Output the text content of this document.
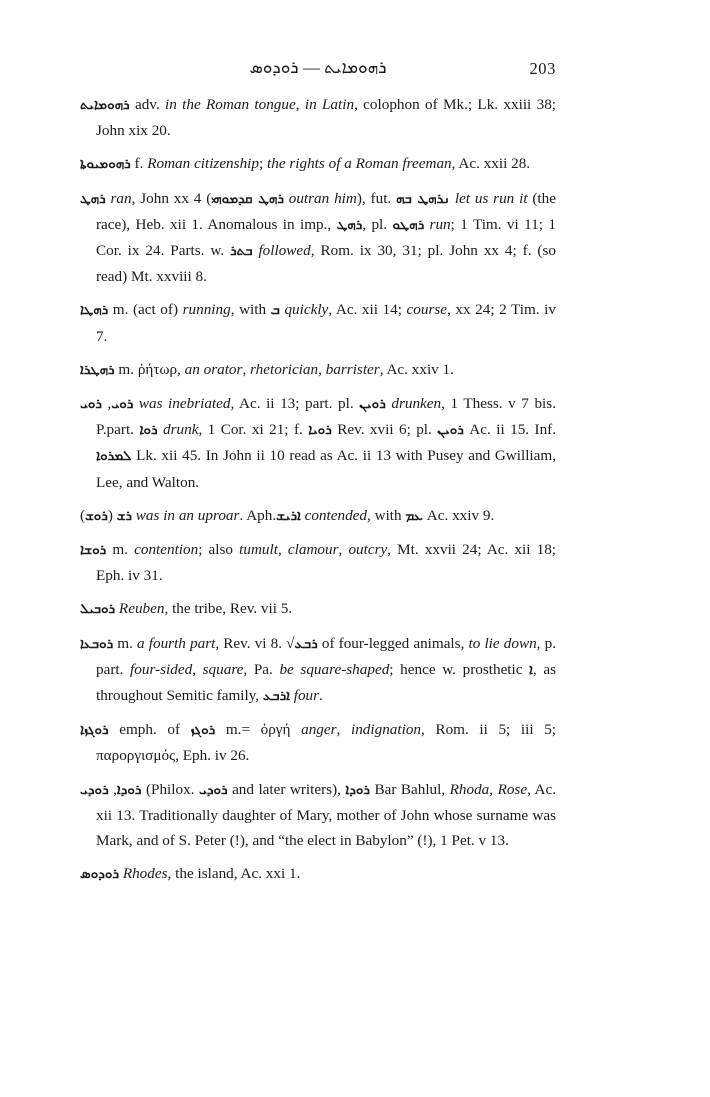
ܪܗܘܡܐܝܬ — ܪܘܕܘܣ	203

ܪܗܘܡܐܝܬ adv. in the Roman tongue, in Latin, colophon of Mk.; Lk. xxiii 38; John xix 20.

ܪܗܘܡܝܘܬܐ f. Roman citizenship; the rights of a Roman freeman, Ac. xxii 28.

ܪܗܛ ran, John xx 4 (ܪܗܛ ܩܕܡܘܗܝ outran him), fut. ܢܪܗܛ ܒܗ let us run it (the race), Heb. xii 1. Anomalous in imp., ܪܗܛ, pl. ܪܗܛܘ run; 1 Tim. vi 11; 1 Cor. ix 24. Parts. w. ܒܬܪ followed, Rom. ix 30, 31; pl. John xx 4; f. (so read) Mt. xxviii 8.

ܪܗܛܐ m. (act of) running, with ܒ quickly, Ac. xii 14; course, xx 24; 2 Tim. iv 7.

ܪܗܛܪܐ m. ῥήτωρ, an orator, rhetorician, barrister, Ac. xxiv 1.

ܪܘܝ, ܪܘܝ was inebriated, Ac. ii 13; part. pl. ܪܘܝܢ drunken, 1 Thess. v 7 bis. P.part. ܪܘܐ drunk, 1 Cor. xi 21; f. ܪܘܝܐ Rev. xvii 6; pl. ܪܘܝܢ Ac. ii 15. Inf. ܠܡܪܘܐ Lk. xii 45. In John ii 10 read as Ac. ii 13 with Pusey and Gwilliam, Lee, and Walton.

(ܪܘܫ) ܪܫ was in an uproar. Aph.ܐܪܝܫ contended, with ܥܡ Ac. xxiv 9.

ܪܘܫܐ m. contention; also tumult, clamour, outcry, Mt. xxvii 24; Ac. xii 18; Eph. iv 31.

ܪܘܒܝܠ Reuben, the tribe, Rev. vii 5.

ܪܘܒܥܐ m. a fourth part, Rev. vi 8. √ܪܒܥ of four-legged animals, to lie down, p. part. four-sided, square, Pa. be square-shaped; hence w. prosthetic ܐ, as throughout Semitic family, ܐܪܒܥ four.

ܪܘܓܙܐ emph. of ܪܘܓܙ m.= ὀργή anger, indignation, Rom. ii 5; iii 5; παροργισμός, Eph. iv 26.

ܪܘܕܐ, ܪܘܕܝ (Philox. ܪܘܕܝ and later writers), ܪܘܕܐ Bar Bahlul, Rhoda, Rose, Ac. xii 13. Traditionally daughter of Mary, mother of John whose surname was Mark, and of S. Peter (!), and “the elect in Babylon” (!), 1 Pet. v 13.

ܪܘܕܘܣ Rhodes, the island, Ac. xxi 1.
